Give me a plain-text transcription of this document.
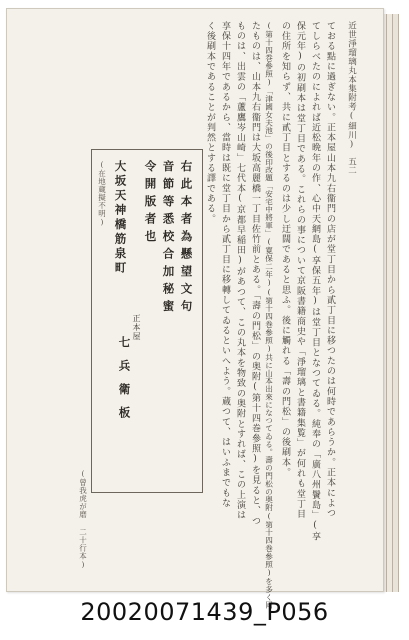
近世淨瑠璃丸本集附考(細川)
五二
ておる點に過ぎない。正本屋山本九右衞門の店が堂丁目から貳丁目に移つたのは何時であらうか。正本によつ
てしらべたのによれば近松晩年の作、心中天網島(享保五年)は堂丁目となつてゐる。純奉の「廣八州鬢島」(享
保元年)の初刷本は堂丁目である。これらの事について京阪書籍商史や「淨瑠璃と書籍集覧」が何れも堂丁目
の住所を知らず、共に貳丁目とするのは少し迂闊であると思ふ。後に觸れる「壽の門松」の後刷本。
(第十四巻參照)「津國女夫池」の後印改題「安宅中將軍」(寛保二年)(第十四巻參照)共に山本出來になつてゐる。壽の門松の奥附(第十四巻參照)を多く同
たものは、山本九右衞門は大坂高麗橋一丁目佐竹前とある。「壽の門松」の奥附(第十四巻參照)を見ると、つ
ものは、出雲の「蘆鷹岑山崎」七代本(京都早稲田)があつて、この丸本を物致の奥附とすれば、この上演は
享保十四年であるから、當時は既に堂丁目から貳丁目に移轉してゐるといへよう。蔵つて、はいふまでもな
く後刷本であることが判然とする譯である。
右此本者為懸望文句
音節等悉校合加秘蜜
令開版者也
正本屋
七兵衛板
大坂天神橋筋泉町
(在地蔵擬不明)
(曾我虎が磨 二十行本)
20020071439_P056
